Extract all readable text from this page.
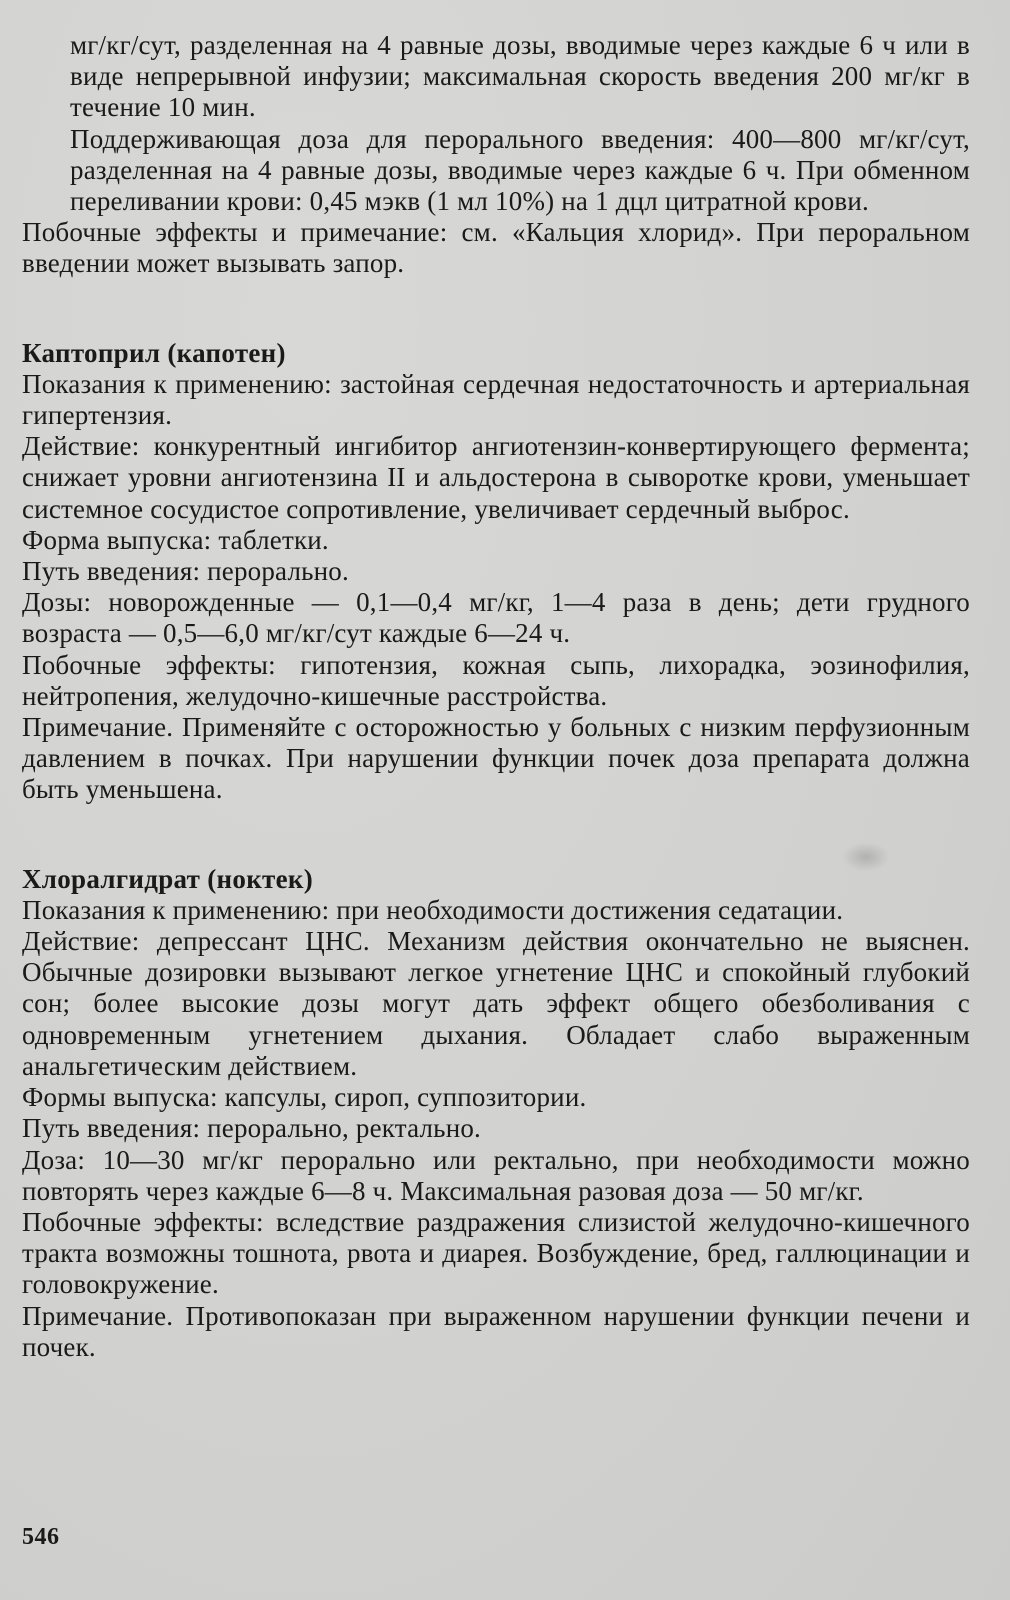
мг/кг/сут, разделенная на 4 равные дозы, вводимые через каждые 6 ч или в виде непрерывной инфузии; максимальная скорость введения 200 мг/кг в течение 10 мин.

Поддерживающая доза для перорального введения: 400—800 мг/кг/сут, разделенная на 4 равные дозы, вводимые через каждые 6 ч. При обменном переливании крови: 0,45 мэкв (1 мл 10%) на 1 дцл цитратной крови.

Побочные эффекты и примечание: см. «Кальция хлорид». При пероральном введении может вызывать запор.

Каптоприл (капотен)

Показания к применению: застойная сердечная недостаточность и артериальная гипертензия.

Действие: конкурентный ингибитор ангиотензин-конвертирующего фермента; снижает уровни ангиотензина II и альдостерона в сыворотке крови, уменьшает системное сосудистое сопротивление, увеличивает сердечный выброс.

Форма выпуска: таблетки.

Путь введения: перорально.

Дозы: новорожденные — 0,1—0,4 мг/кг, 1—4 раза в день; дети грудного возраста — 0,5—6,0 мг/кг/сут каждые 6—24 ч.

Побочные эффекты: гипотензия, кожная сыпь, лихорадка, эозинофилия, нейтропения, желудочно-кишечные расстройства.

Примечание. Применяйте с осторожностью у больных с низким перфузионным давлением в почках. При нарушении функции почек доза препарата должна быть уменьшена.

Хлоралгидрат (ноктек)

Показания к применению: при необходимости достижения седатации.

Действие: депрессант ЦНС. Механизм действия окончательно не выяснен. Обычные дозировки вызывают легкое угнетение ЦНС и спокойный глубокий сон; более высокие дозы могут дать эффект общего обезболивания с одновременным угнетением дыхания. Обладает слабо выраженным анальгетическим действием.

Формы выпуска: капсулы, сироп, суппозитории.

Путь введения: перорально, ректально.

Доза: 10—30 мг/кг перорально или ректально, при необходимости можно повторять через каждые 6—8 ч. Максимальная разовая доза — 50 мг/кг.

Побочные эффекты: вследствие раздражения слизистой желудочно-кишечного тракта возможны тошнота, рвота и диарея. Возбуждение, бред, галлюцинации и головокружение.

Примечание. Противопоказан при выраженном нарушении функции печени и почек.

546
